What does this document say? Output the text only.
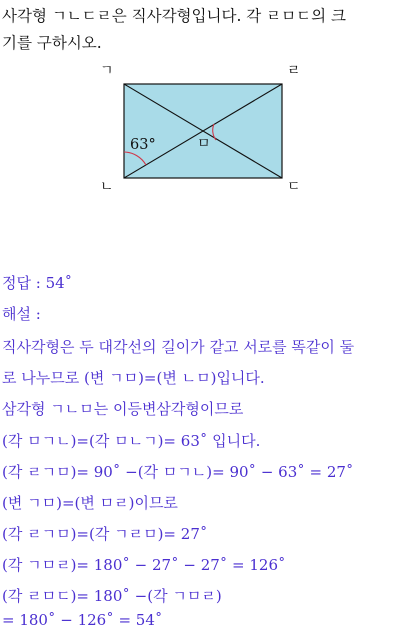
사각형 ㄱㄴㄷㄹ은 직사각형입니다. 각 ㄹㅁㄷ의 크

기를 구하시오.

ㄱ	ㄹ
ㄴ	ㄷ
63°	ㅁ
정답 : 54˚
해설 :
직사각형은 두 대각선의 길이가 같고 서로를 똑같이 둘
로 나누므로 (변 ㄱㅁ)=(변 ㄴㅁ)입니다.
삼각형 ㄱㄴㅁ는 이등변삼각형이므로
(각 ㅁㄱㄴ)=(각 ㅁㄴㄱ)= 63˚ 입니다.
(각 ㄹㄱㅁ)= 90˚ −(각 ㅁㄱㄴ)= 90˚ − 63˚ = 27˚
(변 ㄱㅁ)=(변 ㅁㄹ)이므로
(각 ㄹㄱㅁ)=(각 ㄱㄹㅁ)= 27˚
(각 ㄱㅁㄹ)= 180˚ − 27˚ − 27˚ = 126˚
(각 ㄹㅁㄷ)= 180˚ −(각 ㄱㅁㄹ)
= 180˚ − 126˚ = 54˚
